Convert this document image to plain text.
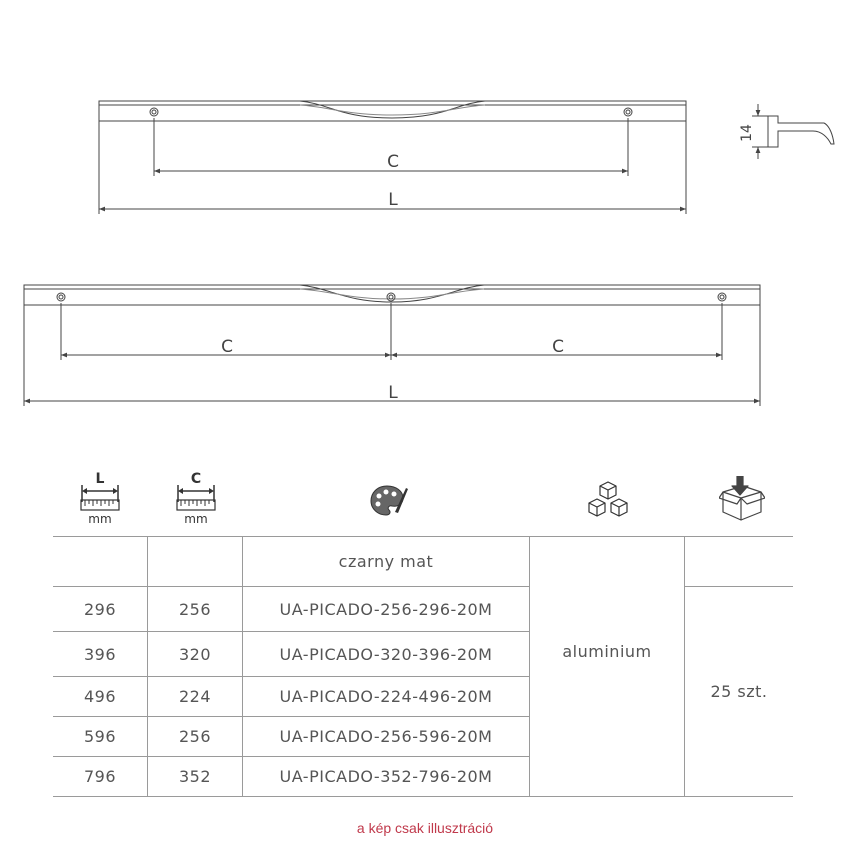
C
L
14
C	C
L
L
mm
C
mm
		czarny mat	aluminium	
296	256	UA-PICADO-256-296-20M		25 szt.
396	320	UA-PICADO-320-396-20M		
496	224	UA-PICADO-224-496-20M		
596	256	UA-PICADO-256-596-20M		
796	352	UA-PICADO-352-796-20M		
a kép csak illusztráció
